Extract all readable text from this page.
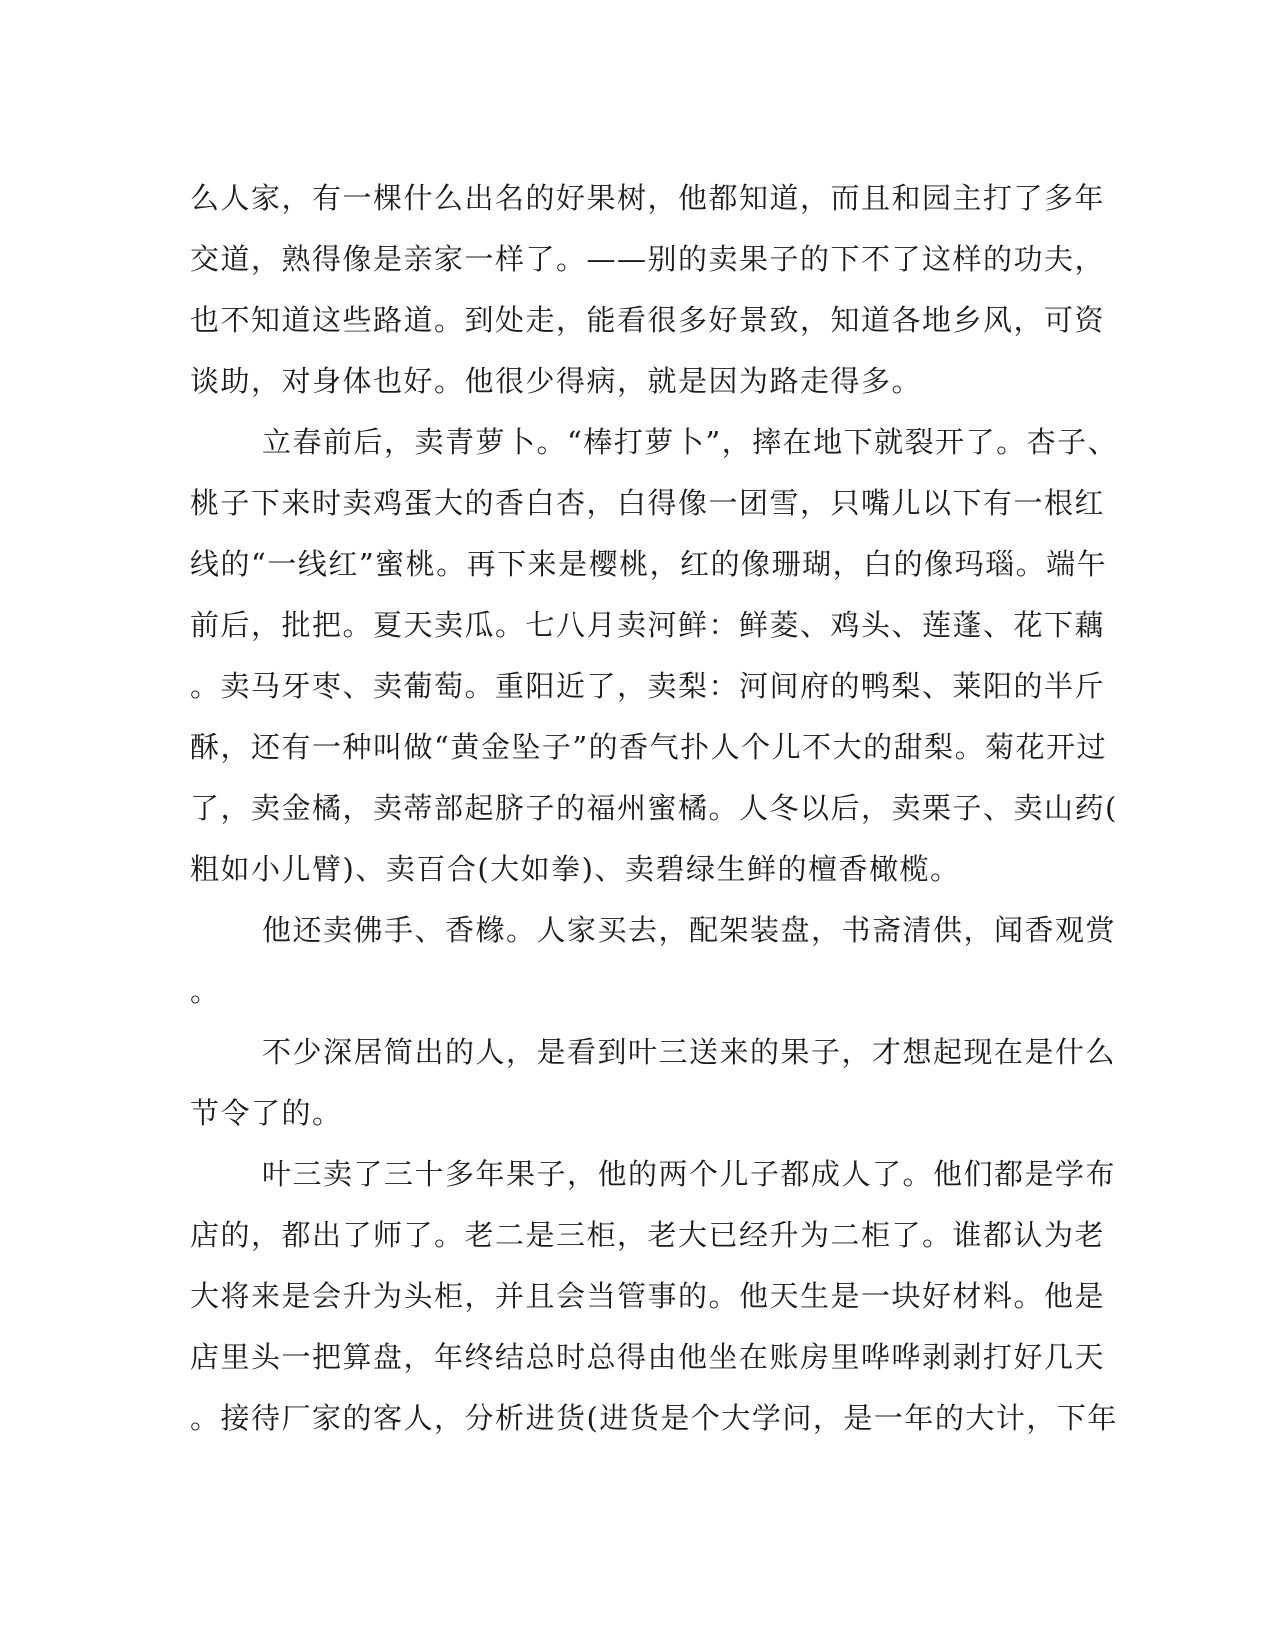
么人家，有一棵什么出名的好果树，他都知道，而且和园主打了多年
交道，熟得像是亲家一样了。——别的卖果子的下不了这样的功夫，
也不知道这些路道。到处走，能看很多好景致，知道各地乡风，可资
谈助，对身体也好。他很少得病，就是因为路走得多。
立春前后，卖青萝卜。“棒打萝卜”，摔在地下就裂开了。杏子、
桃子下来时卖鸡蛋大的香白杏，白得像一团雪，只嘴儿以下有一根红
线的“一线红”蜜桃。再下来是樱桃，红的像珊瑚，白的像玛瑙。端午
前后，批把。夏天卖瓜。七八月卖河鲜：鲜菱、鸡头、莲蓬、花下藕
。卖马牙枣、卖葡萄。重阳近了，卖梨：河间府的鸭梨、莱阳的半斤
酥，还有一种叫做“黄金坠子”的香气扑人个儿不大的甜梨。菊花开过
了，卖金橘，卖蒂部起脐子的福州蜜橘。人冬以后，卖栗子、卖山药(
粗如小儿臂)、卖百合(大如拳)、卖碧绿生鲜的檀香橄榄。
他还卖佛手、香橼。人家买去，配架装盘，书斋清供，闻香观赏
。
不少深居简出的人，是看到叶三送来的果子，才想起现在是什么
节令了的。
叶三卖了三十多年果子，他的两个儿子都成人了。他们都是学布
店的，都出了师了。老二是三柜，老大已经升为二柜了。谁都认为老
大将来是会升为头柜，并且会当管事的。他天生是一块好材料。他是
店里头一把算盘，年终结总时总得由他坐在账房里哗哗剥剥打好几天
。接待厂家的客人，分析进货(进货是个大学问，是一年的大计，下年
